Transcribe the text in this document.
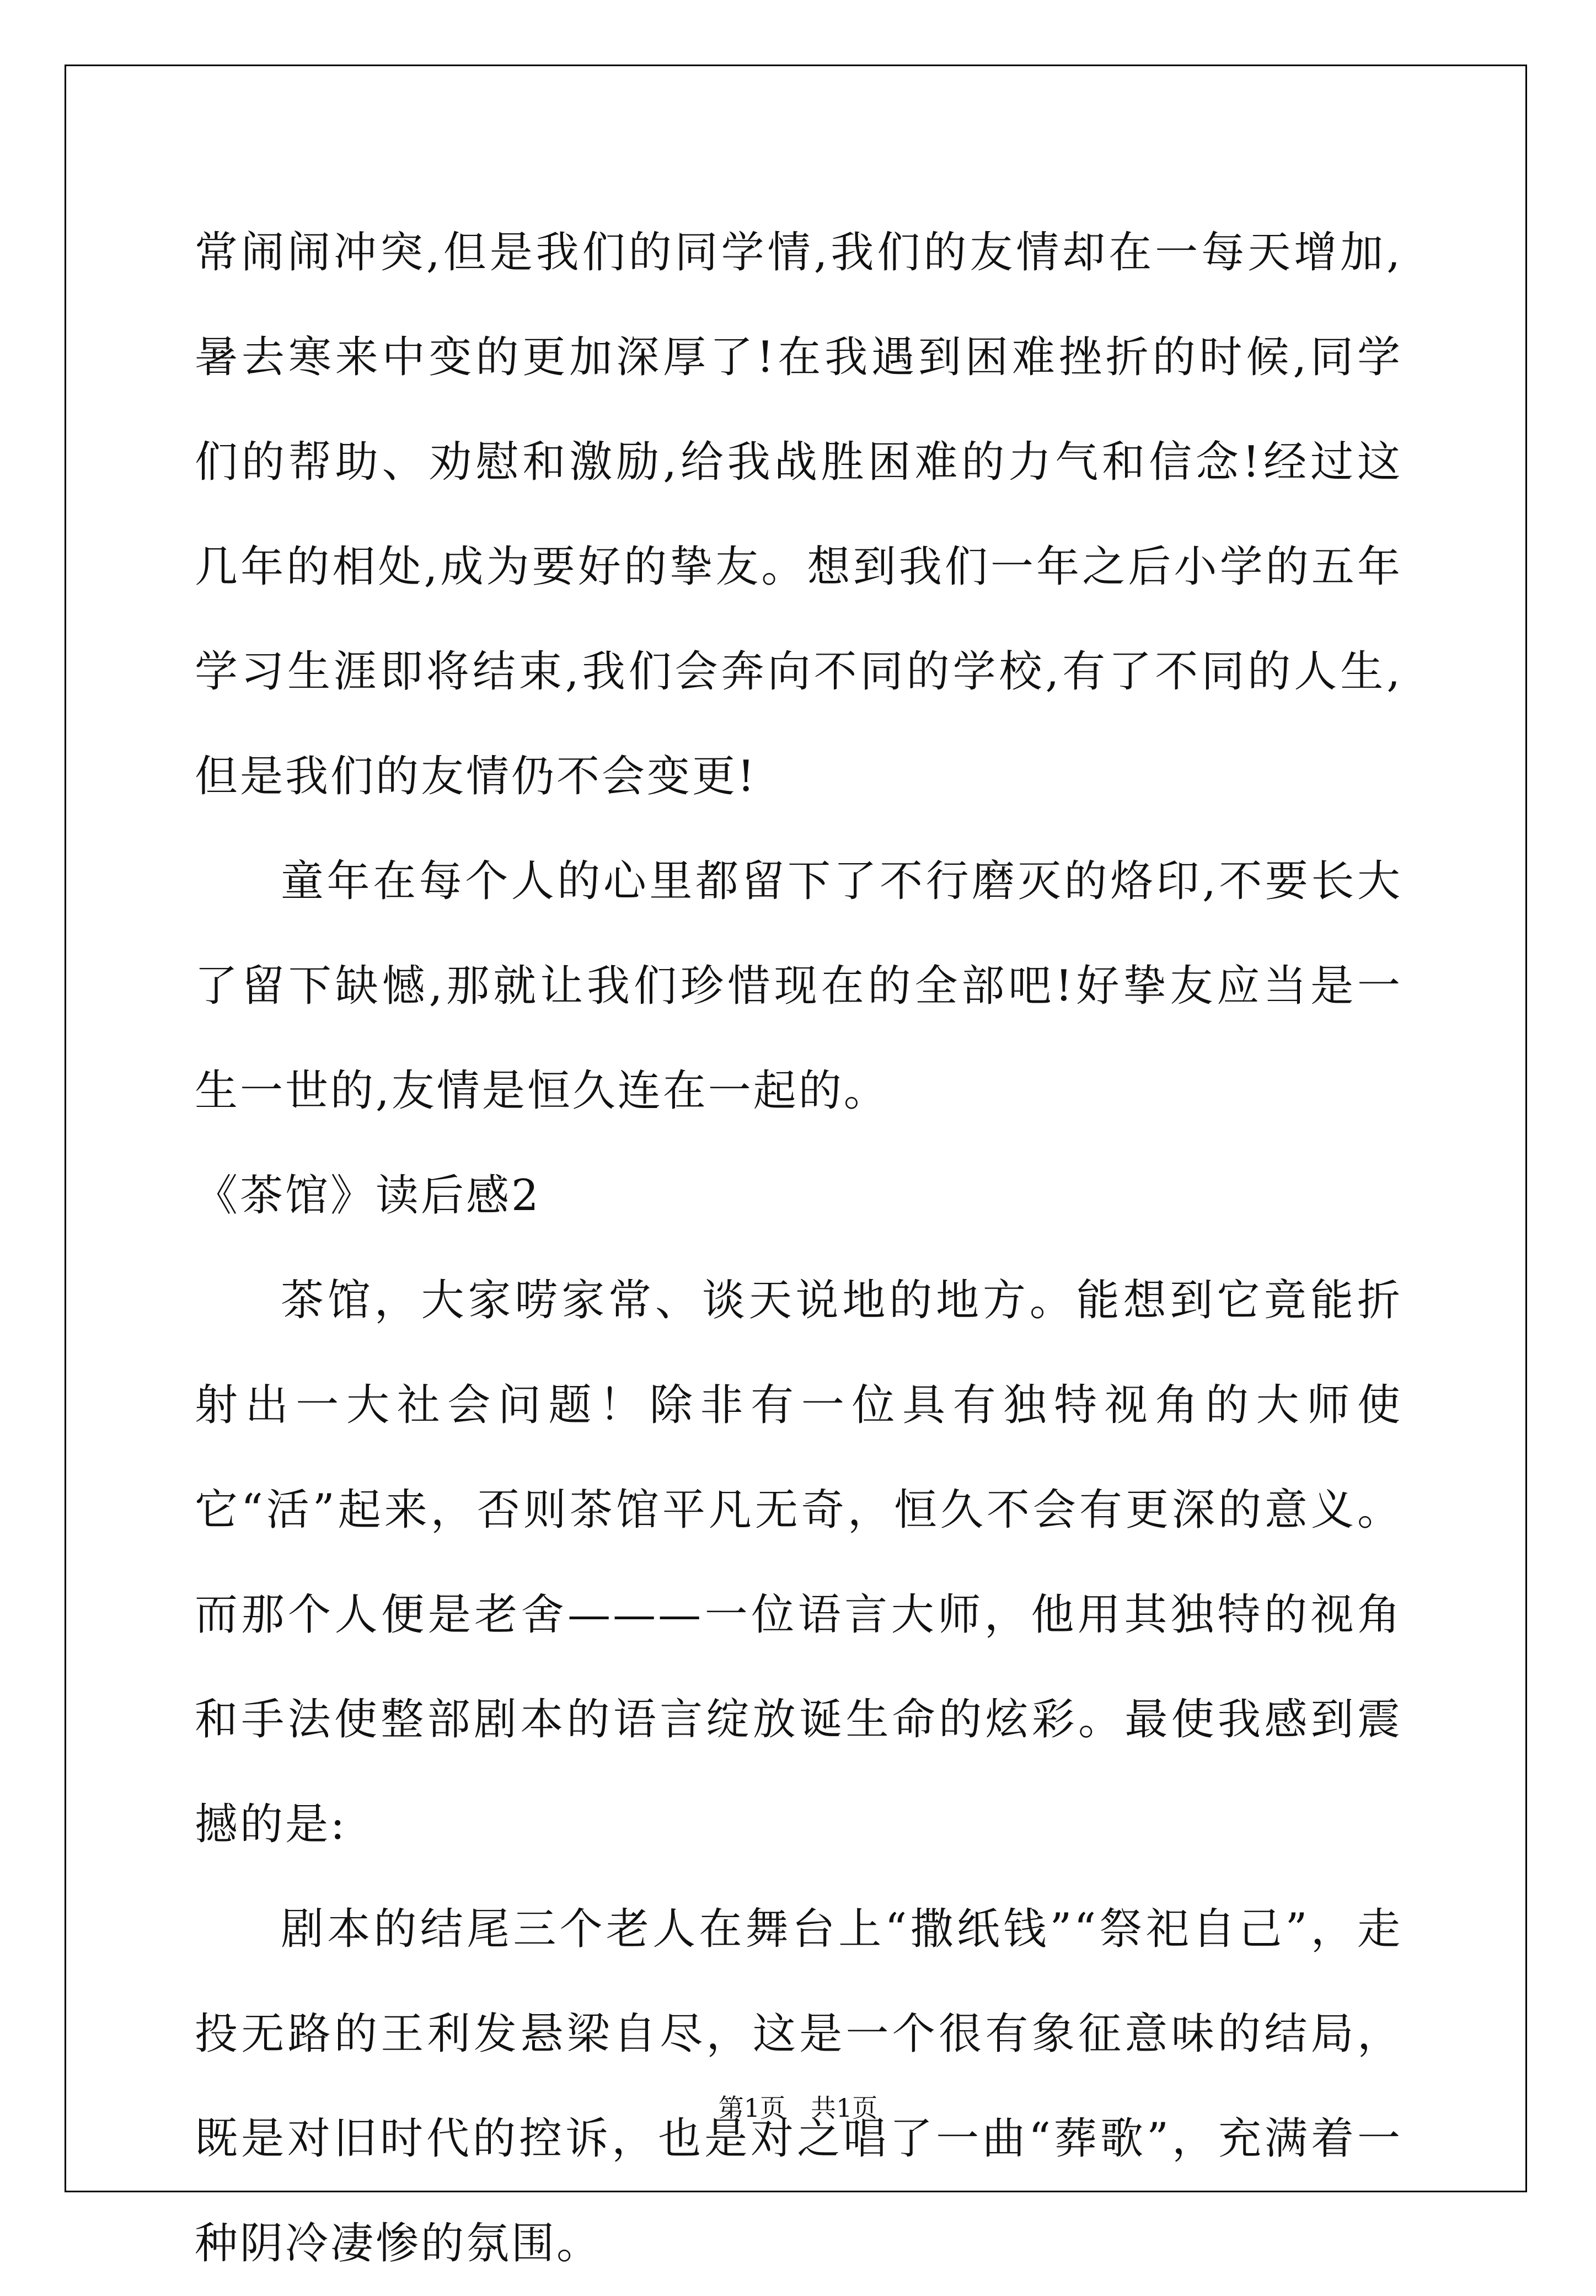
常闹闹冲突,但是我们的同学情,我们的友情却在一每天增加,暑去寒来中变的更加深厚了!在我遇到困难挫折的时候,同学们的帮助、劝慰和激励,给我战胜困难的力气和信念!经过这几年的相处,成为要好的挚友。想到我们一年之后小学的五年学习生涯即将结束,我们会奔向不同的学校,有了不同的人生,但是我们的友情仍不会变更!

童年在每个人的心里都留下了不行磨灭的烙印,不要长大了留下缺憾,那就让我们珍惜现在的全部吧!好挚友应当是一生一世的,友情是恒久连在一起的。

《茶馆》读后感2

茶馆，大家唠家常、谈天说地的地方。能想到它竟能折射出一大社会问题！除非有一位具有独特视角的大师使它“活”起来，否则茶馆平凡无奇，恒久不会有更深的意义。而那个人便是老舍———一位语言大师，他用其独特的视角和手法使整部剧本的语言绽放诞生命的炫彩。最使我感到震撼的是:

剧本的结尾三个老人在舞台上“撒纸钱”“祭祀自己”，走投无路的王利发悬梁自尽，这是一个很有象征意味的结局，既是对旧时代的控诉，也是对之唱了一曲“葬歌”，充满着一种阴冷凄惨的氛围。

第1页　共1页
